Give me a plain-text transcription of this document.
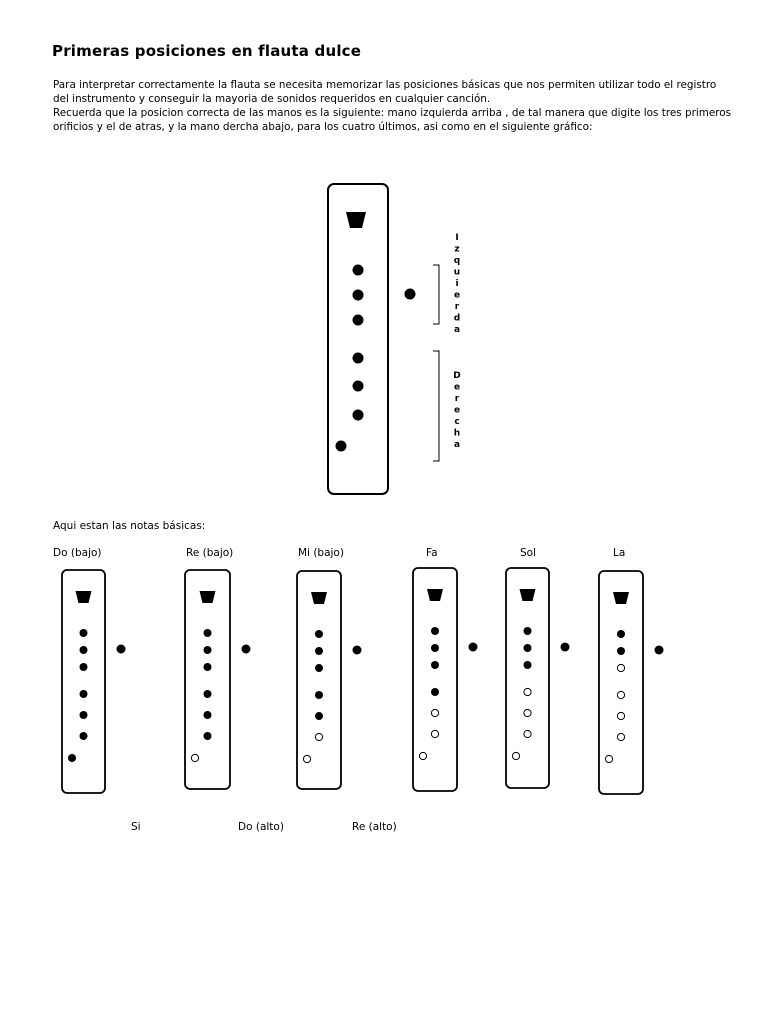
Primeras posiciones en flauta dulce

Para interpretar correctamente la flauta se necesita memorizar las posiciones básicas que nos permiten utilizar todo el registro del instrumento y conseguir la mayoria de sonidos requeridos en cualquier canción.

Recuerda que la posicion correcta de las manos es la siguiente: mano izquierda arriba , de tal manera que digite los tres primeros orificios y el de atras, y la mano dercha abajo, para los cuatro últimos, asi como en el siguiente gráfico:

I
z
q
u
i
e
r
d
a
D
e
r
e
c
h
a
Aqui estan las notas básicas:
Do (bajo)	Re (bajo)	Mi (bajo)	Fa	Sol	La
Si	Do (alto)	Re (alto)
